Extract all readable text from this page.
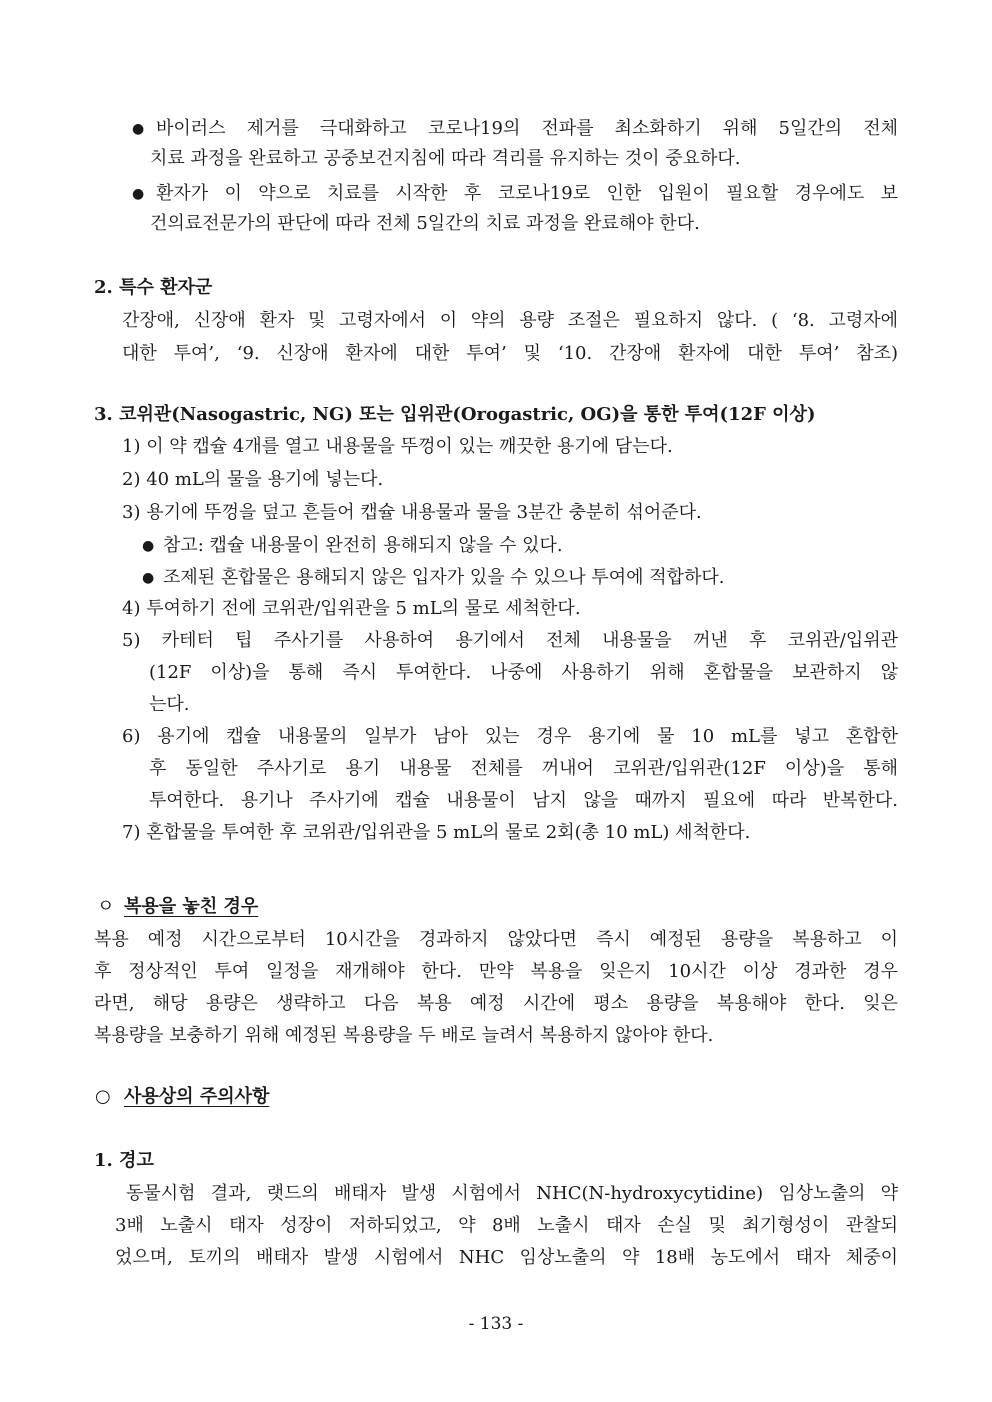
● 바이러스 제거를 극대화하고 코로나19의 전파를 최소화하기 위해 5일간의 전체
치료 과정을 완료하고 공중보건지침에 따라 격리를 유지하는 것이 중요하다.
● 환자가 이 약으로 치료를 시작한 후 코로나19로 인한 입원이 필요할 경우에도 보
건의료전문가의 판단에 따라 전체 5일간의 치료 과정을 완료해야 한다.
2. 특수 환자군
간장애, 신장애 환자 및 고령자에서 이 약의 용량 조절은 필요하지 않다. ( ‘8. 고령자에
대한 투여’, ‘9. 신장애 환자에 대한 투여’ 및 ‘10. 간장애 환자에 대한 투여’ 참조)
3. 코위관(Nasogastric, NG) 또는 입위관(Orogastric, OG)을 통한 투여(12F 이상)
1) 이 약 캡슐 4개를 열고 내용물을 뚜껑이 있는 깨끗한 용기에 담는다.
2) 40 mL의 물을 용기에 넣는다.
3) 용기에 뚜껑을 덮고 흔들어 캡슐 내용물과 물을 3분간 충분히 섞어준다.
● 참고: 캡슐 내용물이 완전히 용해되지 않을 수 있다.
● 조제된 혼합물은 용해되지 않은 입자가 있을 수 있으나 투여에 적합하다.
4) 투여하기 전에 코위관/입위관을 5 mL의 물로 세척한다.
5) 카테터 팁 주사기를 사용하여 용기에서 전체 내용물을 꺼낸 후 코위관/입위관
(12F 이상)을 통해 즉시 투여한다. 나중에 사용하기 위해 혼합물을 보관하지 않
는다.
6) 용기에 캡슐 내용물의 일부가 남아 있는 경우 용기에 물 10 mL를 넣고 혼합한
후 동일한 주사기로 용기 내용물 전체를 꺼내어 코위관/입위관(12F 이상)을 통해
투여한다. 용기나 주사기에 캡슐 내용물이 남지 않을 때까지 필요에 따라 반복한다.
7) 혼합물을 투여한 후 코위관/입위관을 5 mL의 물로 2회(총 10 mL) 세척한다.
ㅇ 복용을 놓친 경우
복용 예정 시간으로부터 10시간을 경과하지 않았다면 즉시 예정된 용량을 복용하고 이
후 정상적인 투여 일정을 재개해야 한다. 만약 복용을 잊은지 10시간 이상 경과한 경우
라면, 해당 용량은 생략하고 다음 복용 예정 시간에 평소 용량을 복용해야 한다. 잊은
복용량을 보충하기 위해 예정된 복용량을 두 배로 늘려서 복용하지 않아야 한다.
○ 사용상의 주의사항
1. 경고
동물시험 결과, 랫드의 배태자 발생 시험에서 NHC(N-hydroxycytidine) 임상노출의 약
3배 노출시 태자 성장이 저하되었고, 약 8배 노출시 태자 손실 및 최기형성이 관찰되
었으며, 토끼의 배태자 발생 시험에서 NHC 임상노출의 약 18배 농도에서 태자 체중이
- 133 -
